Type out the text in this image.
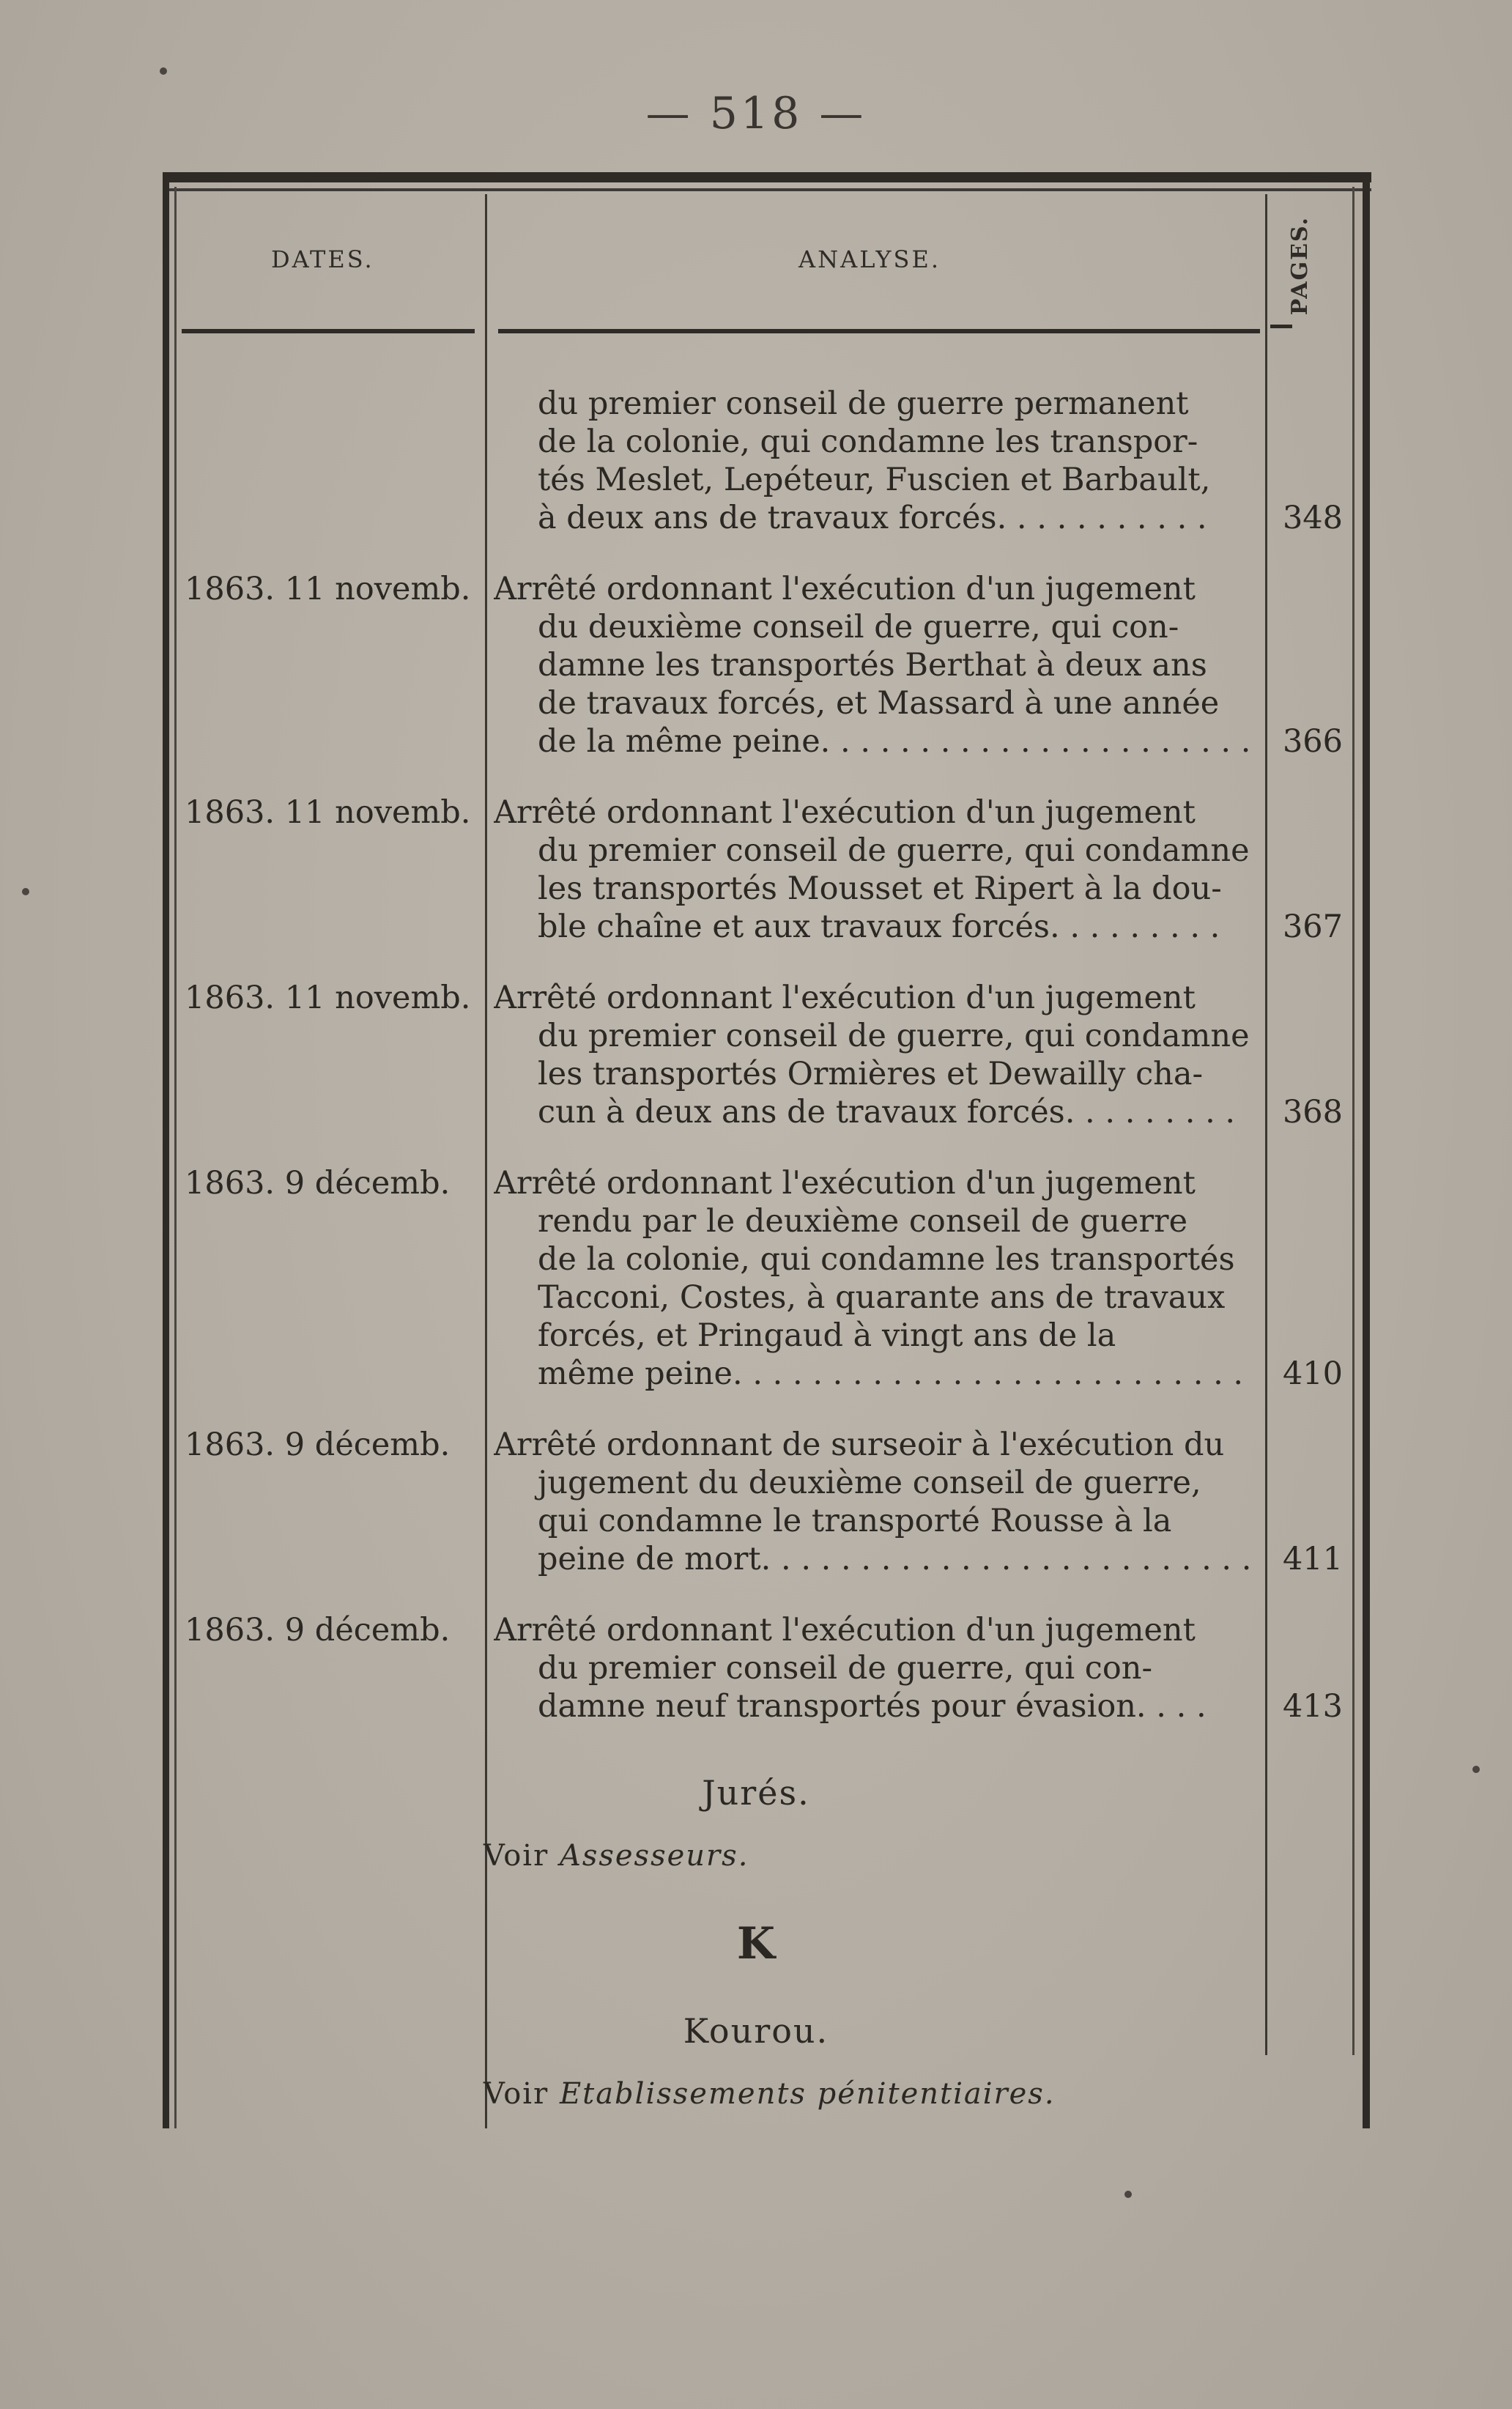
— 518 —
DATES.	ANALYSE.	PAGES.
du premier conseil de guerre permanent
de la colonie, qui condamne les transpor-
tés Meslet, Lepéteur, Fuscien et Barbault,
à deux ans de travaux forcés. . . . . . . . . . .	348
1863. 11 novemb. Arrêté ordonnant l'exécution d'un jugement
du deuxième conseil de guerre, qui con-
damne les transportés Berthat à deux ans
de travaux forcés, et Massard à une année
de la même peine. . . . . . . . . . . . . . . . . . . . . .	366
1863. 11 novemb. Arrêté ordonnant l'exécution d'un jugement
du premier conseil de guerre, qui condamne
les transportés Mousset et Ripert à la dou-
ble chaîne et aux travaux forcés. . . . . . . . .	367
1863. 11 novemb. Arrêté ordonnant l'exécution d'un jugement
du premier conseil de guerre, qui condamne
les transportés Ormières et Dewailly cha-
cun à deux ans de travaux forcés. . . . . . . . .	368
1863. 9 décemb.	Arrêté ordonnant l'exécution d'un jugement
rendu par le deuxième conseil de guerre
de la colonie, qui condamne les transportés
Tacconi, Costes, à quarante ans de travaux
forcés, et Pringaud à vingt ans de la
même peine. . . . . . . . . . . . . . . . . . . . . . . . . .	410
1863. 9 décemb.	Arrêté ordonnant de surseoir à l'exécution du
jugement du deuxième conseil de guerre,
qui condamne le transporté Rousse à la
peine de mort. . . . . . . . . . . . . . . . . . . . . . . . . 411
1863. 9 décemb.	Arrêté ordonnant l'exécution d'un jugement
du premier conseil de guerre, qui con-
damne neuf transportés pour évasion. . . .	413
Jurés.
Voir Assesseurs.
K
Kourou.
Voir Etablissements pénitentiaires.
